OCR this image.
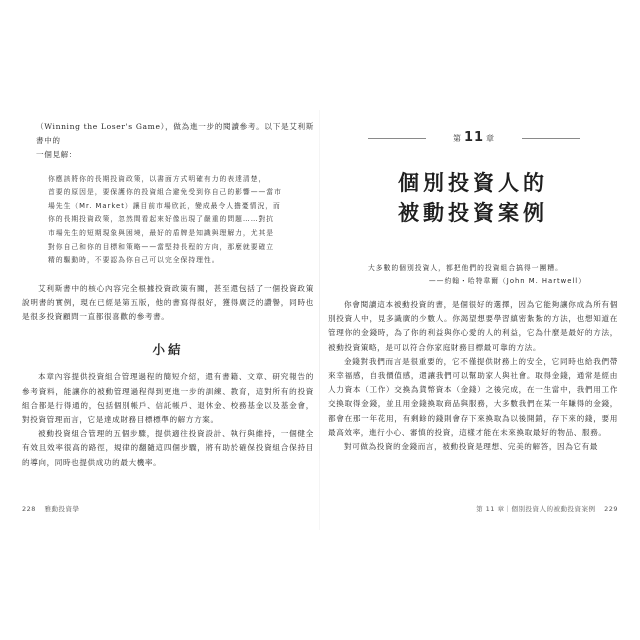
（Winning the Loser's Game），做為進一步的閱讀參考。以下是艾利斯書中的

一個見解：

你應該將你的長期投資政策，以書面方式明確有力的表達清楚，
首要的原因是，要保護你的投資組合避免受到你自己的影響——當市
場先生（Mr. Market）讓目前市場欣託，變成最令人擔憂情況，而
你的長期投資政策，忽然間看起來好像出現了嚴重的問題……對抗
市場先生的短期現象與困境，最好的盾牌是知識與理解力，尤其是
對你自己和你的目標和策略——當堅持長程的方向，那麼就要確立
精的驅動時，不要認為你自己可以完全保持理性。

艾利斯書中的核心內容完全根據投資政策有關，甚至還包括了一個投資政策說明書的實例，現在已經是第五版，他的書寫得很好，獲得廣泛的讚譽，同時也是很多投資顧問一直都很喜歡的參考書。

小結

本章內容提供投資組合管理過程的簡短介紹，還有書籍、文章、研究報告的參考資料，能讓你的被動管理過程得到更進一步的訓練、教育，這對所有的投資組合都是行得通的，包括個別帳戶、信託帳戶、退休金、校務基金以及基金會，對投資管理而言，它是達成財務目標標準的解方方案。

被動投資組合管理的五個步驟，提供適往投資設計、執行與維持，一個健全有效且效率很高的路徑，規律的翻隨這四個步驟，將有助於確保投資組合保持目的導向，同時也提供成功的最大機率。

228 雅動投資學
第 11 章
個別投資人的
被動投資案例
大多數的個別投資人，都把他們的投資組合搞得一團糟。
——約翰・哈特韋爾（John M. Hartwell）

你會閱讀這本被動投資的書，是個很好的選擇，因為它能夠讓你成為所有個別投資人中，見多識廣的少數人。你渴望想要學習縝密紮紮的方法，也想知道在管理你的金錢時，為了你的利益與你心愛的人的利益，它為什麼是最好的方法，被動投資策略，是可以符合你家庭財務目標最可靠的方法。

金錢對我們而言是很重要的，它不僅提供財務上的安全，它同時也給我們帶來幸福感，自我價值感，還讓我們可以幫助家人與社會。取得金錢，通常是經由人力資本（工作）交換為貨幣資本（金錢）之後完成，在一生當中，我們用工作交換取得金錢，並且用金錢換取商品與服務，大多數我們在某一年賺得的金錢，都會在那一年花用，有剩餘的錢則會存下來換取為以後開銷，存下來的錢，要用最高效率，進行小心、審慎的投資，這樣才能在未來換取最好的物品、服務。

對可做為投資的金錢而言，被動投資是理想、完美的解答，因為它有最

第 11 章｜個別投資人的被動投資案例 229
